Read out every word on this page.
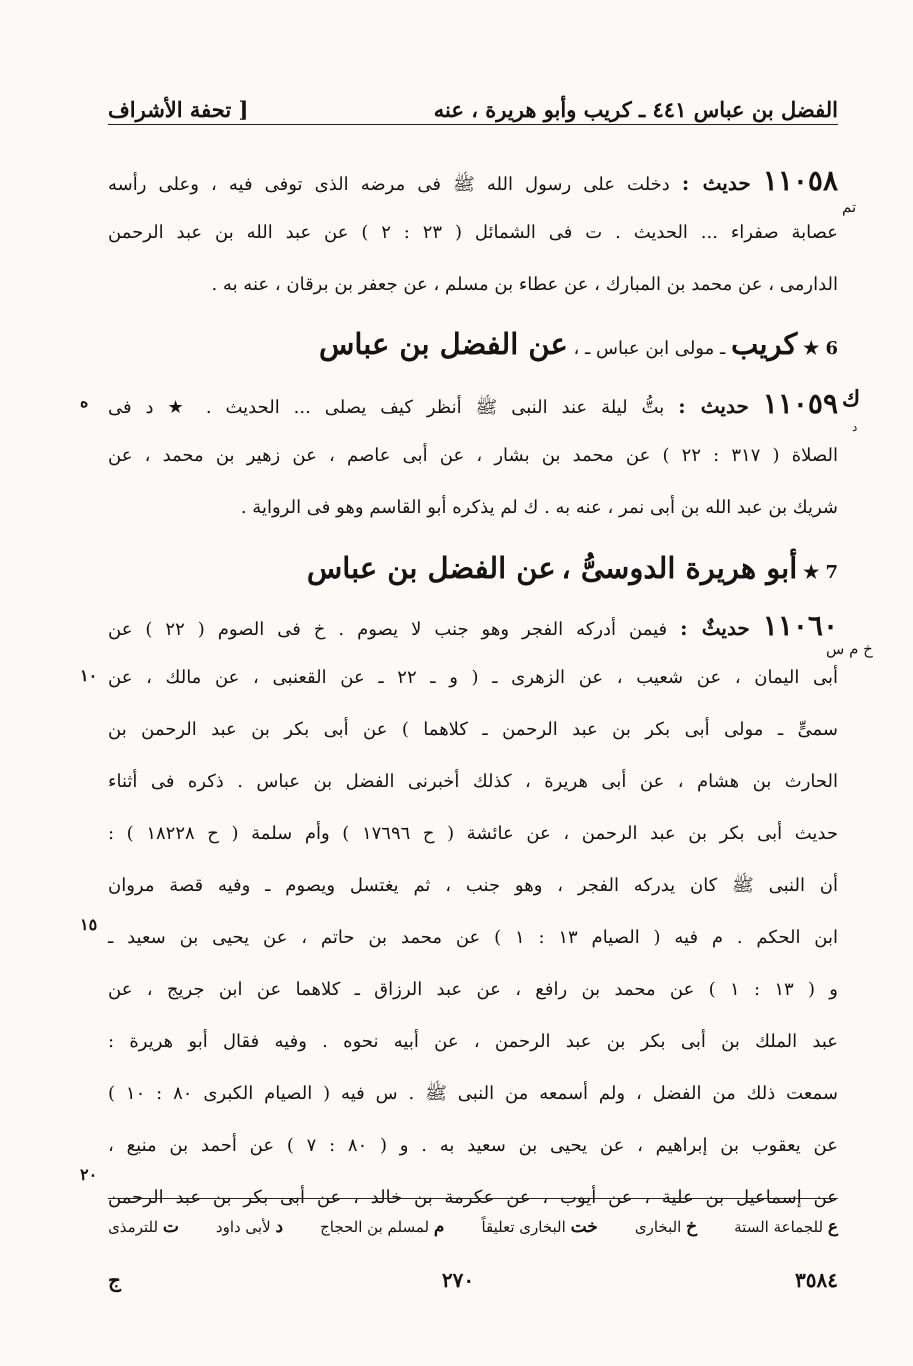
الفضل بن عباس ٤٤١ ـ كريب وأبو هريرة ، عنه
[ تحفة الأشراف
١١٠٥٨ حديث : دخلت على رسول الله ﷺ فى مرضه الذى توفى فيه ، وعلى رأسه
عصابة صفراء ... الحديث . ت فى الشمائل ( ٢٣ : ٢ ) عن عبد الله بن عبد الرحمن
الدارمى ، عن محمد بن المبارك ، عن عطاء بن مسلم ، عن جعفر بن برقان ، عنه به .
تم
6 ★ كريب ـ مولى ابن عباس ـ ، عن الفضل بن عباس
١١٠٥٩ حديث : بتُّ ليلة عند النبى ﷺ أنظر كيف يصلى ... الحديث . ★ د فى
الصلاة ( ٣١٧ : ٢٢ ) عن محمد بن بشار ، عن أبى عاصم ، عن زهير بن محمد ، عن
شريك بن عبد الله بن أبى نمر ، عنه به . ك لم يذكره أبو القاسم وهو فى الرواية .
ك
د
ه
7 ★ أبو هريرة الدوسىُّ ، عن الفضل بن عباس
١١٠٦٠ حديثٌ : فيمن أدركه الفجر وهو جنب لا يصوم . خ فى الصوم ( ٢٢ ) عن
أبى اليمان ، عن شعيب ، عن الزهرى ـ ( و ـ ٢٢ ـ عن القعنبى ، عن مالك ، عن
سمىٍّ ـ مولى أبى بكر بن عبد الرحمن ـ كلاهما ) عن أبى بكر بن عبد الرحمن بن
الحارث بن هشام ، عن أبى هريرة ، كذلك أخبرنى الفضل بن عباس . ذكره فى أثناء
حديث أبى بكر بن عبد الرحمن ، عن عائشة ( ح ١٧٦٩٦ ) وأم سلمة ( ح ١٨٢٢٨ ) :
أن النبى ﷺ كان يدركه الفجر ، وهو جنب ، ثم يغتسل ويصوم ـ وفيه قصة مروان
ابن الحكم . م فيه ( الصيام ١٣ : ١ ) عن محمد بن حاتم ، عن يحيى بن سعيد ـ
و ( ١٣ : ١ ) عن محمد بن رافع ، عن عبد الرزاق ـ كلاهما عن ابن جريج ، عن
عبد الملك بن أبى بكر بن عبد الرحمن ، عن أبيه نحوه . وفيه فقال أبو هريرة :
سمعت ذلك من الفضل ، ولم أسمعه من النبى ﷺ . س فيه ( الصيام الكبرى ٨٠ : ١٠ )
عن يعقوب بن إبراهيم ، عن يحيى بن سعيد به . و ( ٨٠ : ٧ ) عن أحمد بن منيع ،
عن إسماعيل بن علية ، عن أيوب ، عن عكرمة بن خالد ، عن أبى بكر بن عبد الرحمن
خ م س
١٠
١٥
٢٠
ع للجماعة الستة
خ البخارى
خت البخارى تعليقاً
م لمسلم بن الحجاج
د لأبى داود
ت للترمذى
٣٥٨٤
٢٧٠
ج
